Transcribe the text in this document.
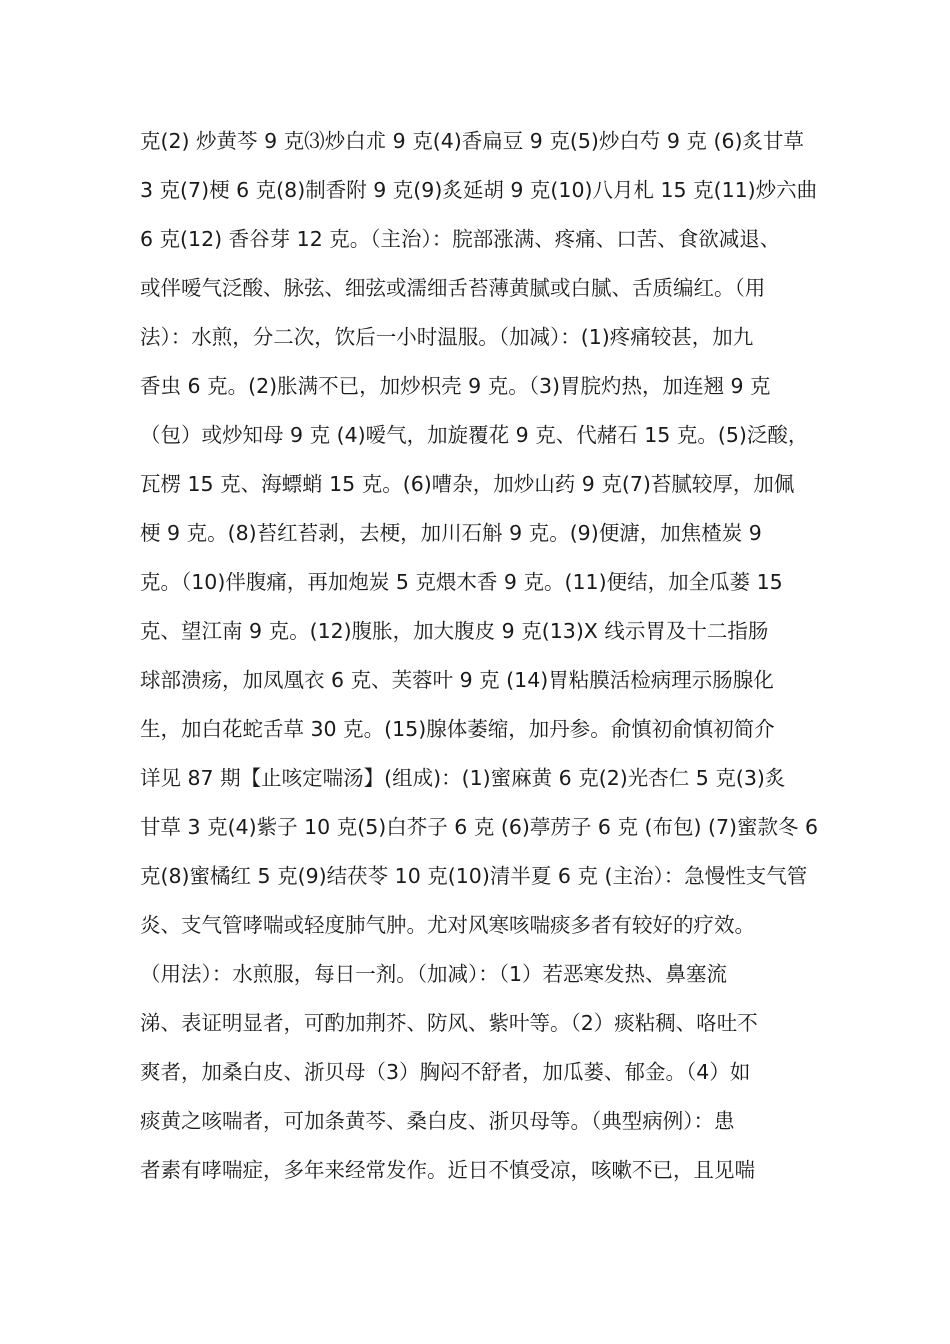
克(2) 炒黄芩 9 克⑶炒白朮 9 克(4)香扁豆 9 克(5)炒白芍 9 克 (6)炙甘草
3 克(7)梗 6 克(8)制香附 9 克(9)炙延胡 9 克(10)八月札 15 克(11)炒六曲
6 克(12) 香谷芽 12 克。（主治）：脘部涨满、疼痛、口苦、食欲减退、
或伴嗳气泛酸、脉弦、细弦或濡细舌苔薄黄腻或白腻、舌质编红。（用
法）：水煎，分二次，饮后一小时温服。（加减）：(1)疼痛较甚，加九
香虫 6 克。(2)胀满不已，加炒枳壳 9 克。（3)胃脘灼热，加连翘 9 克
（包）或炒知母 9 克 (4)嗳气，加旋覆花 9 克、代赭石 15 克。(5)泛酸，
瓦楞 15 克、海螵蛸 15 克。(6)嘈杂，加炒山药 9 克(7)苔腻较厚，加佩
梗 9 克。(8)苔红苔剥，去梗，加川石斛 9 克。(9)便溏，加焦楂炭 9
克。（10)伴腹痛，再加炮炭 5 克煨木香 9 克。(11)便结，加全瓜蒌 15
克、望江南 9 克。(12)腹胀，加大腹皮 9 克(13)X 线示胃及十二指肠
球部溃疡，加凤凰衣 6 克、芙蓉叶 9 克 (14)胃粘膜活检病理示肠腺化
生，加白花蛇舌草 30 克。(15)腺体萎缩，加丹参。俞慎初俞慎初简介
详见 87 期【止咳定喘汤】(组成)：(1)蜜麻黄 6 克(2)光杏仁 5 克(3)炙
甘草 3 克(4)紫子 10 克(5)白芥子 6 克 (6)葶苈子 6 克 (布包) (7)蜜款冬 6
克(8)蜜橘红 5 克(9)结茯苓 10 克(10)清半夏 6 克 (主治）：急慢性支气管
炎、支气管哮喘或轻度肺气肿。尤对风寒咳喘痰多者有较好的疗效。
（用法）：水煎服，每日一剂。（加减）：（1）若恶寒发热、鼻塞流
涕、表证明显者，可酌加荆芥、防风、紫叶等。（2）痰粘稠、咯吐不
爽者，加桑白皮、浙贝母（3）胸闷不舒者，加瓜蒌、郁金。（4）如
痰黄之咳喘者，可加条黄芩、桑白皮、浙贝母等。（典型病例）：患
者素有哮喘症，多年来经常发作。近日不慎受凉，咳嗽不已，且见喘
